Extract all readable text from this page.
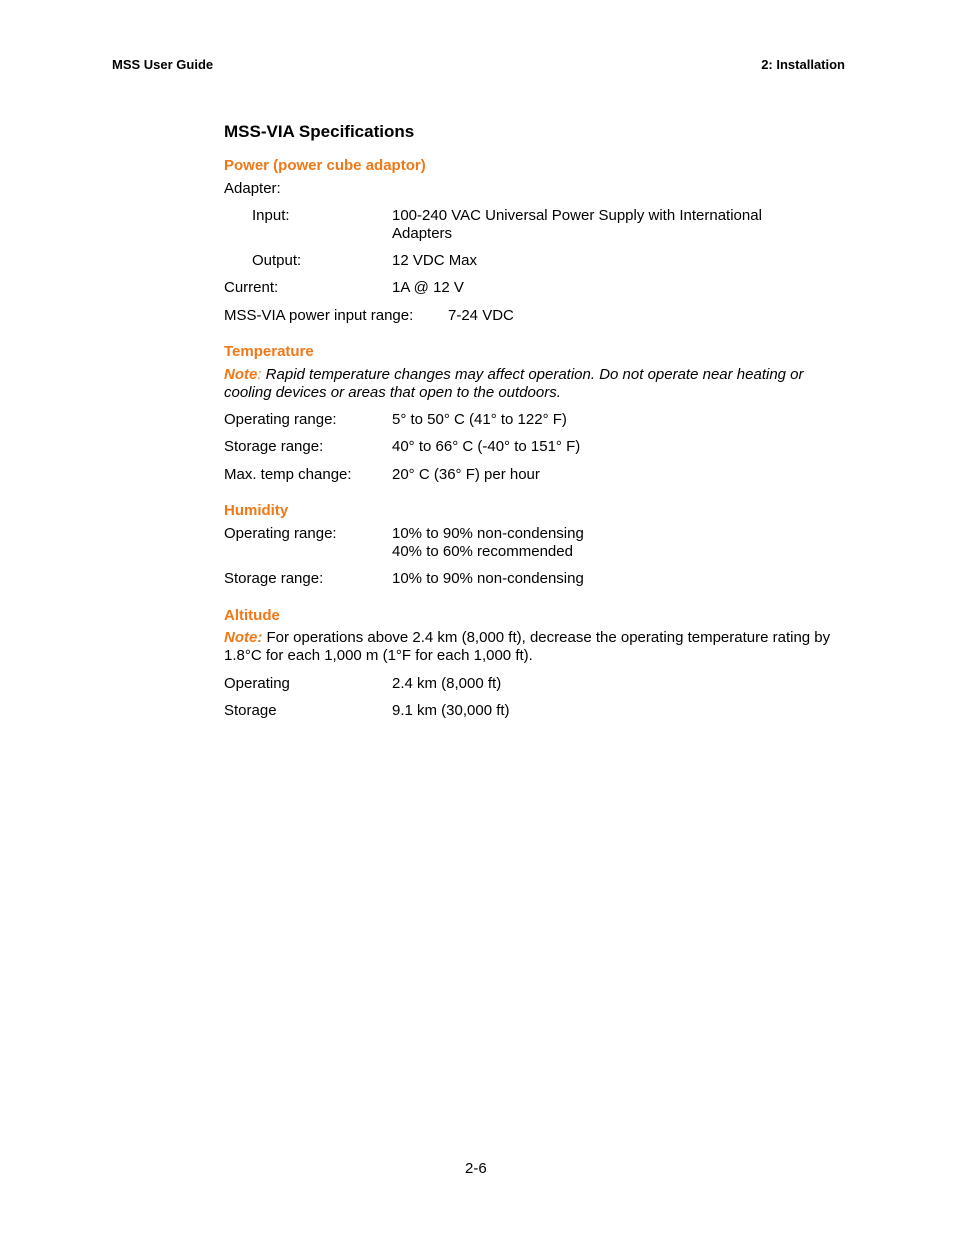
MSS User Guide	2: Installation
MSS-VIA Specifications
Power (power cube adaptor)
Adapter:
Input:	100-240 VAC Universal Power Supply with International
Adapters
Output:	12 VDC Max
Current:	1A @ 12 V
MSS-VIA power input range: 7-24 VDC
Temperature
Note: Rapid temperature changes may affect operation. Do not operate near heating or cooling devices or areas that open to the outdoors.
Operating range:	5° to 50° C (41° to 122° F)
Storage range:	40° to 66° C (-40° to 151° F)
Max. temp change:	20° C (36° F) per hour
Humidity
Operating range:	10% to 90% non-condensing
40% to 60% recommended
Storage range:	10% to 90% non-condensing
Altitude
Note: For operations above 2.4 km (8,000 ft), decrease the operating temperature rating by 1.8°C for each 1,000 m (1°F for each 1,000 ft).
Operating	2.4 km (8,000 ft)
Storage	9.1 km (30,000 ft)
2-6
